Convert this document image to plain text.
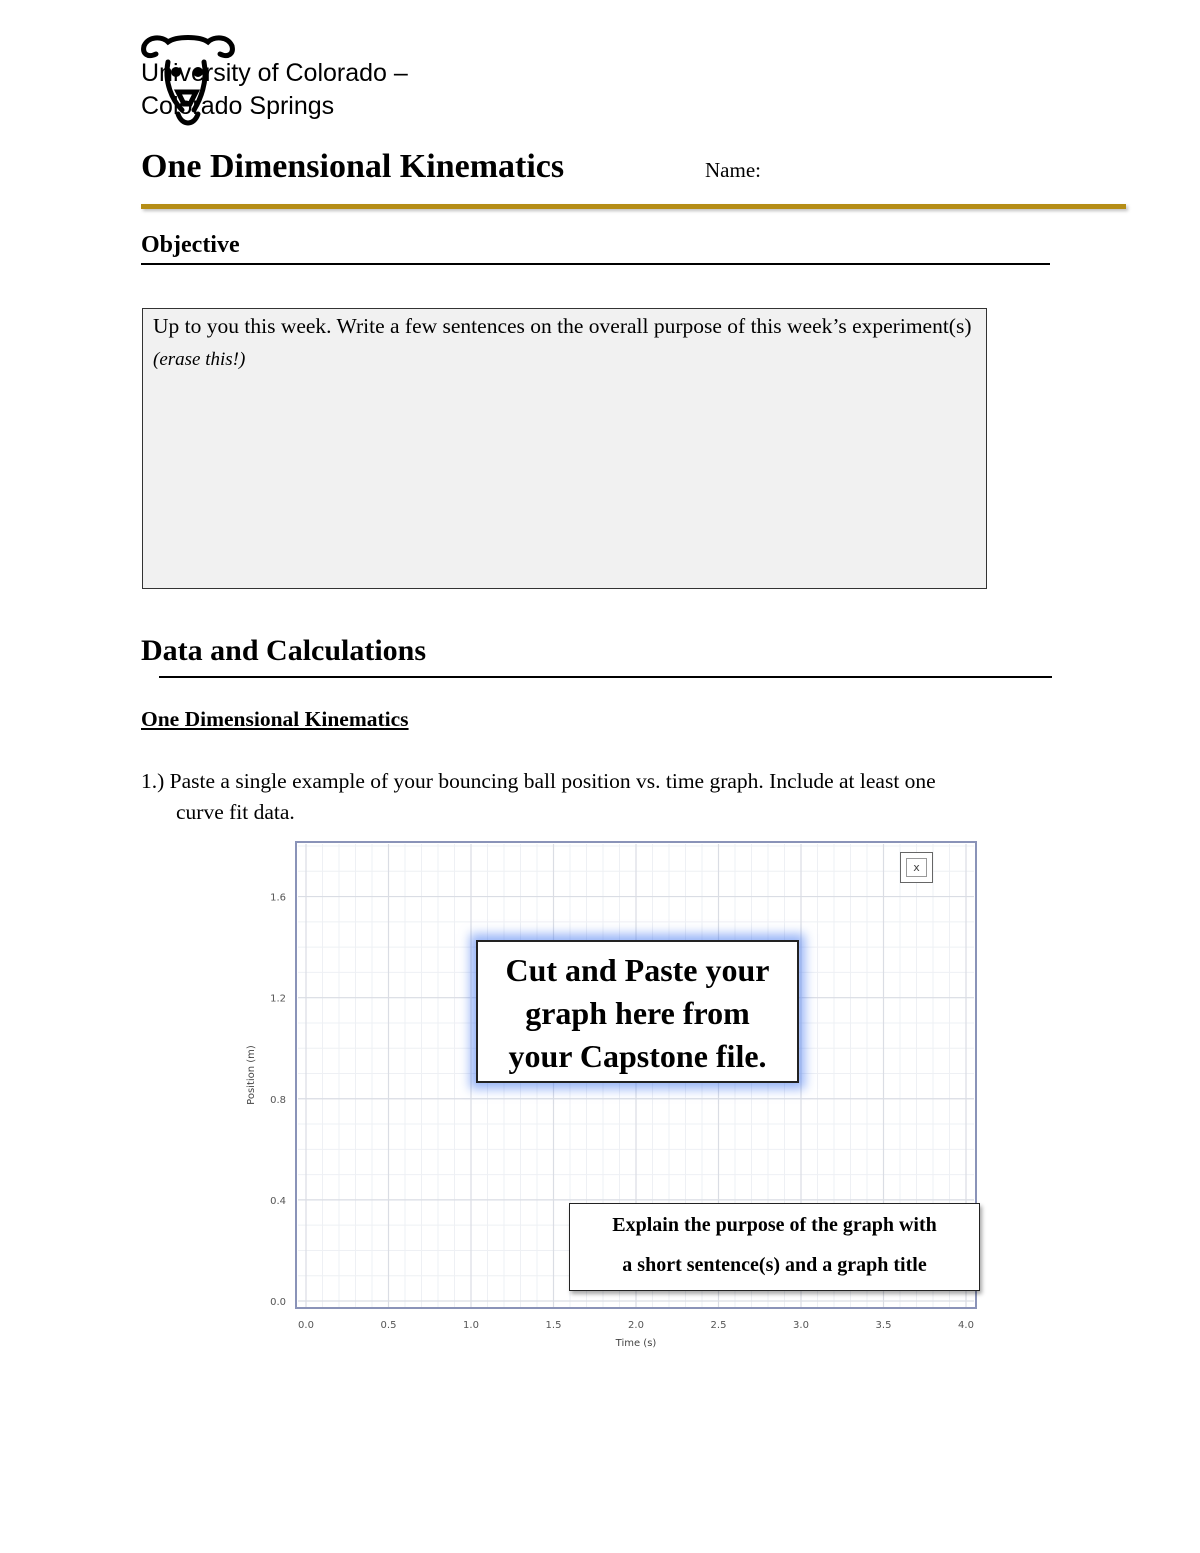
University of Colorado –
Colorado Springs
One Dimensional Kinematics	Name:
Objective
Up to you this week. Write a few sentences on the overall purpose of this week’s experiment(s) (erase this!)
Data and Calculations
One Dimensional Kinematics
1.) Paste a single example of your bouncing ball position vs. time graph. Include at least one
curve fit data.
0.0	0.5	1.0	1.5	2.0	2.5	3.0	3.5	4.0
0.0
0.4
0.8
1.2
1.6
Time (s)
Position (m)
x
Cut and Paste your
graph here from
your Capstone file.
Explain the purpose of the graph with
a short sentence(s) and a graph title
